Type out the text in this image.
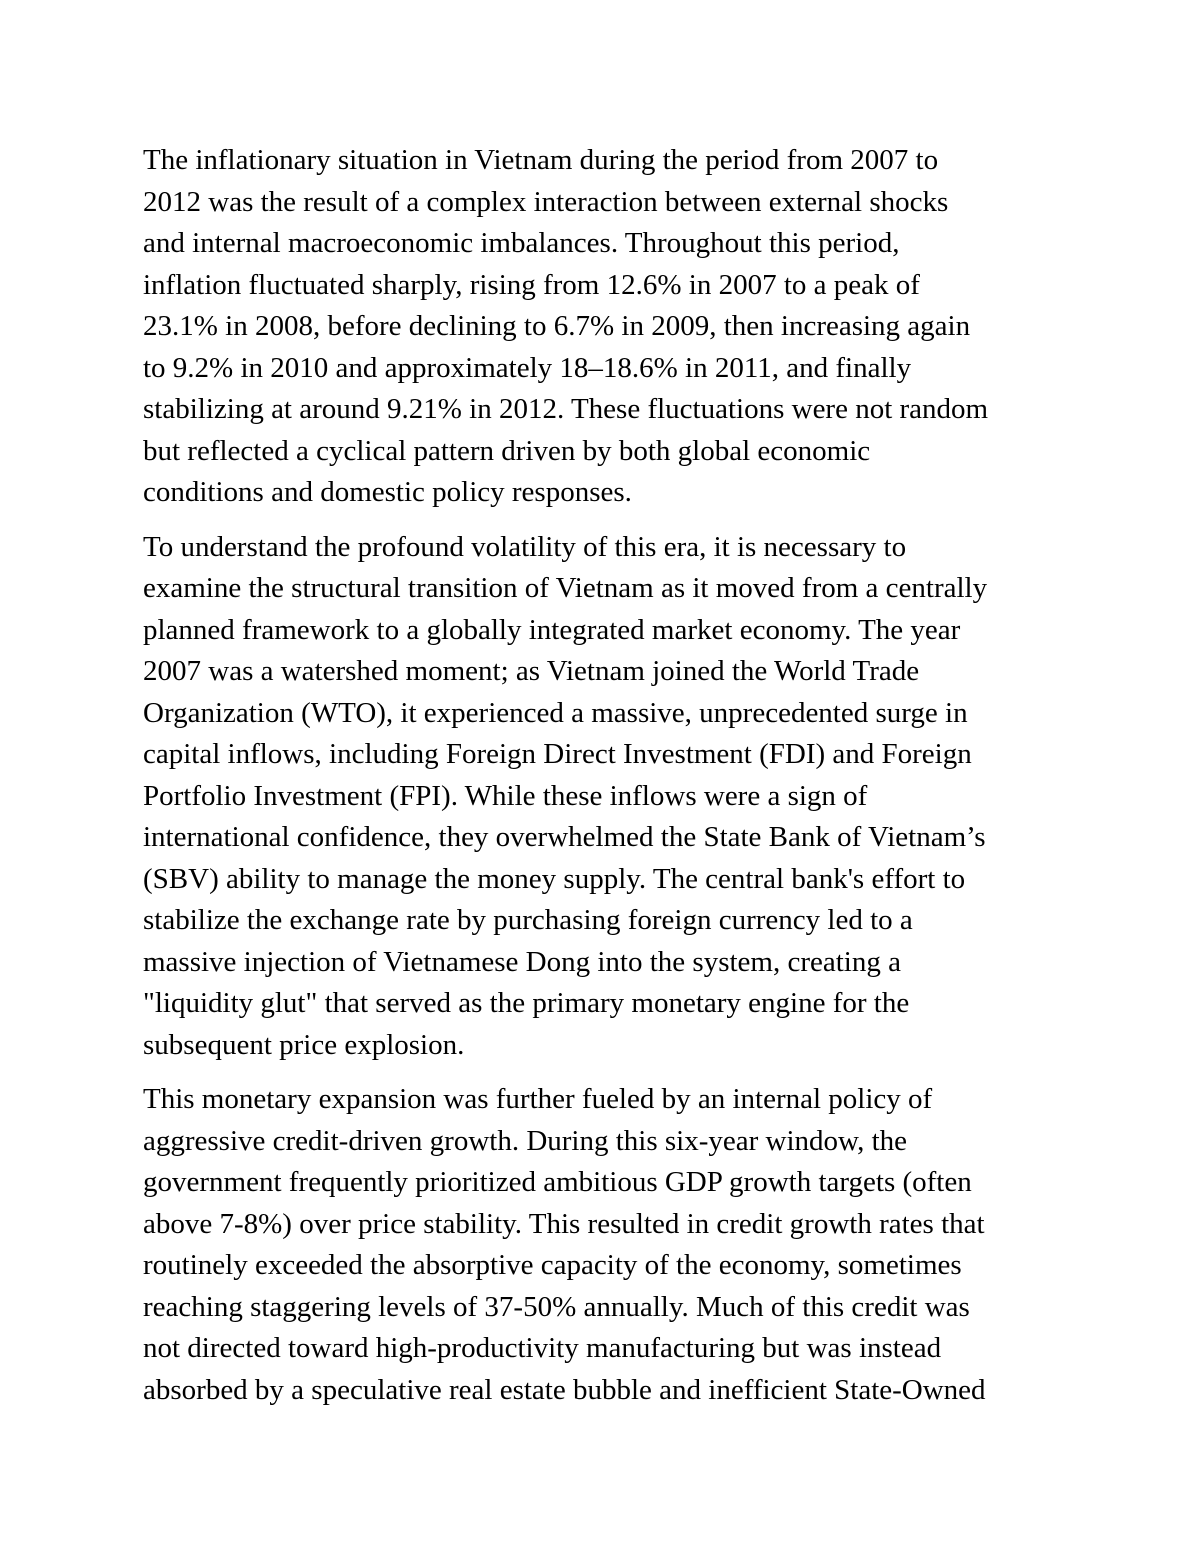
The inflationary situation in Vietnam during the period from 2007 to
2012 was the result of a complex interaction between external shocks
and internal macroeconomic imbalances. Throughout this period,
inflation fluctuated sharply, rising from 12.6% in 2007 to a peak of
23.1% in 2008, before declining to 6.7% in 2009, then increasing again
to 9.2% in 2010 and approximately 18–18.6% in 2011, and finally
stabilizing at around 9.21% in 2012. These fluctuations were not random
but reflected a cyclical pattern driven by both global economic
conditions and domestic policy responses.

To understand the profound volatility of this era, it is necessary to
examine the structural transition of Vietnam as it moved from a centrally
planned framework to a globally integrated market economy. The year
2007 was a watershed moment; as Vietnam joined the World Trade
Organization (WTO), it experienced a massive, unprecedented surge in
capital inflows, including Foreign Direct Investment (FDI) and Foreign
Portfolio Investment (FPI). While these inflows were a sign of
international confidence, they overwhelmed the State Bank of Vietnam’s
(SBV) ability to manage the money supply. The central bank's effort to
stabilize the exchange rate by purchasing foreign currency led to a
massive injection of Vietnamese Dong into the system, creating a
"liquidity glut" that served as the primary monetary engine for the
subsequent price explosion.

This monetary expansion was further fueled by an internal policy of
aggressive credit-driven growth. During this six-year window, the
government frequently prioritized ambitious GDP growth targets (often
above 7-8%) over price stability. This resulted in credit growth rates that
routinely exceeded the absorptive capacity of the economy, sometimes
reaching staggering levels of 37-50% annually. Much of this credit was
not directed toward high-productivity manufacturing but was instead
absorbed by a speculative real estate bubble and inefficient State-Owned
